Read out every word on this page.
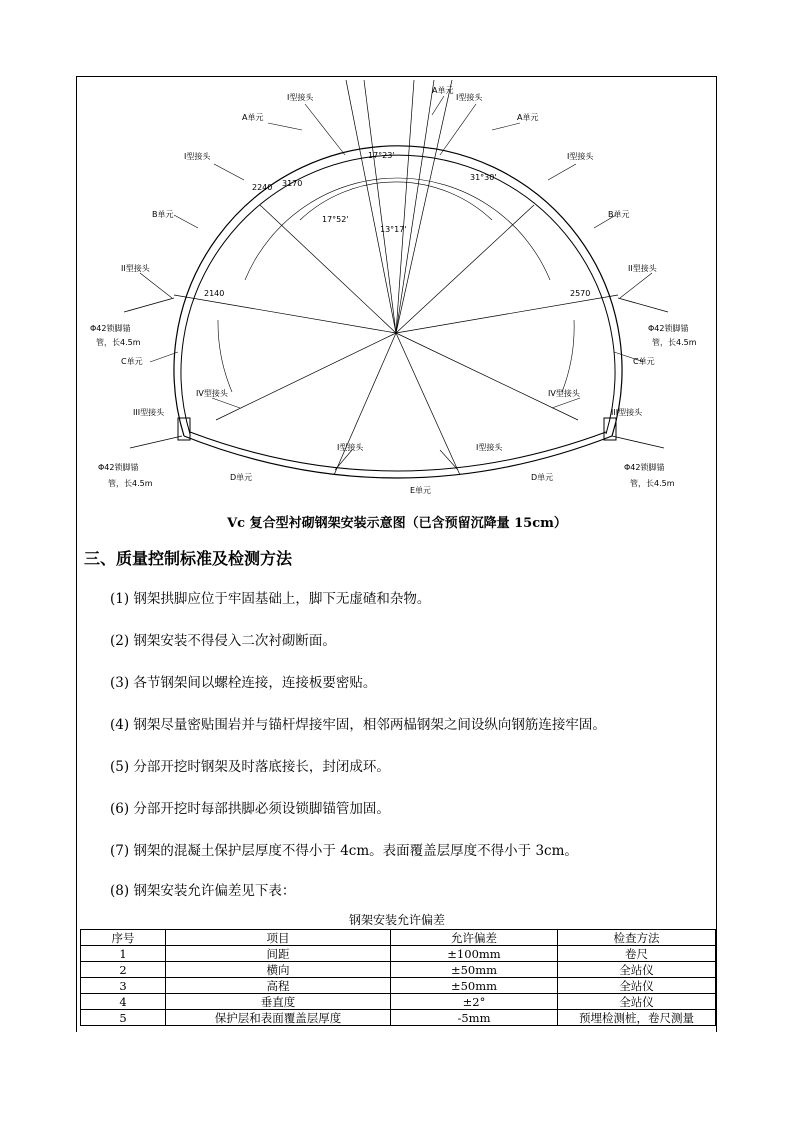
I型接头
A单元
A单元
I型接头
A单元
I型接头	I型接头
B单元	B单元
II型接头	II型接头
Φ42锁脚锚
管，长4.5m
Φ42锁脚锚
管，长4.5m
C单元	C单元
IV型接头	IV型接头
III型接头	III型接头
I型接头	I型接头
Φ42锁脚锚
管，长4.5m
Φ42锁脚锚
管，长4.5m
D单元	D单元
E单元
17°23'
17°52'
31°30'
13°17'
2240 3170
2140	2570
Vc 复合型衬砌钢架安装示意图（已含预留沉降量 15cm）
三、质量控制标准及检测方法
(1) 钢架拱脚应位于牢固基础上，脚下无虚碴和杂物。
(2) 钢架安装不得侵入二次衬砌断面。
(3) 各节钢架间以螺栓连接，连接板要密贴。
(4) 钢架尽量密贴围岩并与锚杆焊接牢固，相邻两榀钢架之间设纵向钢筋连接牢固。
(5) 分部开挖时钢架及时落底接长，封闭成环。
(6) 分部开挖时每部拱脚必须设锁脚锚管加固。
(7) 钢架的混凝土保护层厚度不得小于 4cm。表面覆盖层厚度不得小于 3cm。
(8) 钢架安装允许偏差见下表：
钢架安装允许偏差
序号	项目	允许偏差	检查方法
1	间距	±100mm	卷尺
2	横向	±50mm	全站仪
3	高程	±50mm	全站仪
4	垂直度	±2°	全站仪
5	保护层和表面覆盖层厚度	-5mm	预埋检测桩，卷尺测量
